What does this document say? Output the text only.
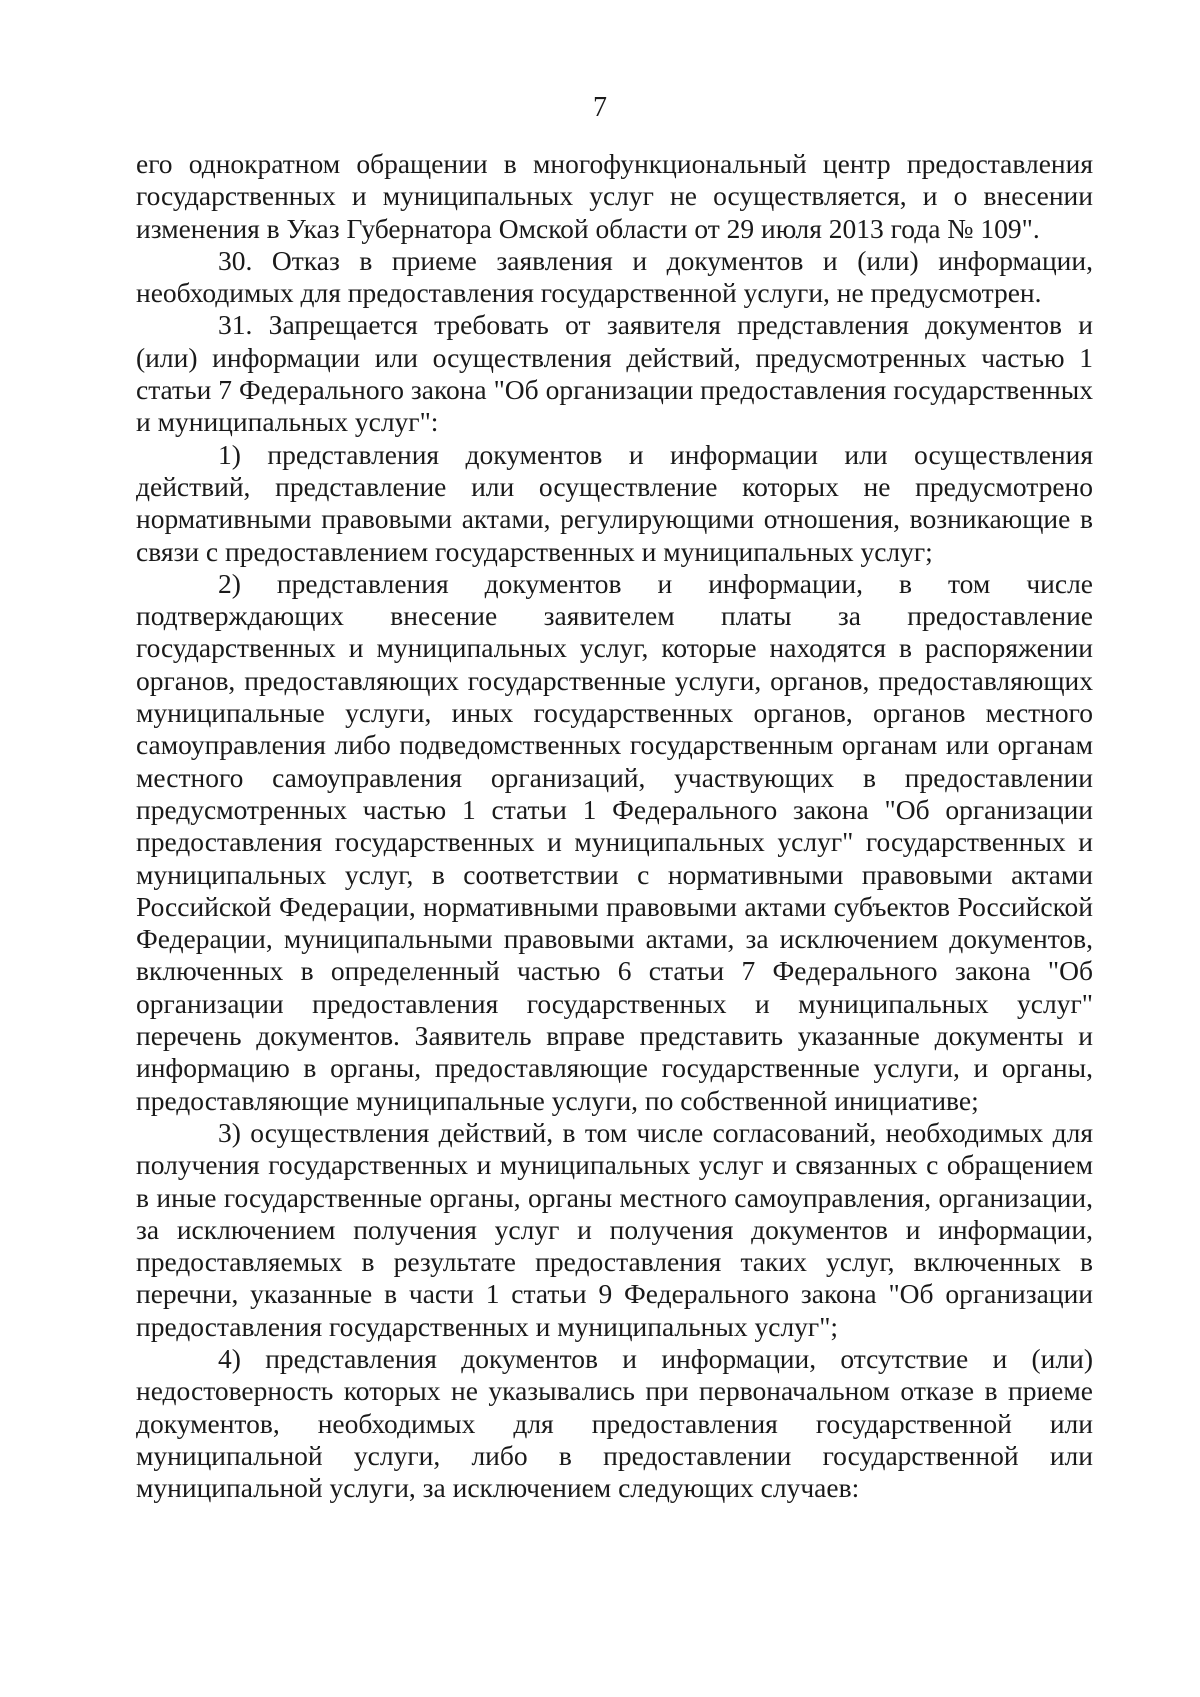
7

его однократном обращении в многофункциональный центр предоставления государственных и муниципальных услуг не осуществляется, и о внесении изменения в Указ Губернатора Омской области от 29 июля 2013 года № 109".

30. Отказ в приеме заявления и документов и (или) информации, необходимых для предоставления государственной услуги, не предусмотрен.

31. Запрещается требовать от заявителя представления документов и (или) информации или осуществления действий, предусмотренных частью 1 статьи 7 Федерального закона "Об организации предоставления государственных и муниципальных услуг":

1) представления документов и информации или осуществления действий, представление или осуществление которых не предусмотрено нормативными правовыми актами, регулирующими отношения, возникающие в связи с предоставлением государственных и муниципальных услуг;

2) представления документов и информации, в том числе подтверждающих внесение заявителем платы за предоставление государственных и муниципальных услуг, которые находятся в распоряжении органов, предоставляющих государственные услуги, органов, предоставляющих муниципальные услуги, иных государственных органов, органов местного самоуправления либо подведомственных государственным органам или органам местного самоуправления организаций, участвующих в предоставлении предусмотренных частью 1 статьи 1 Федерального закона "Об организации предоставления государственных и муниципальных услуг" государственных и муниципальных услуг, в соответствии с нормативными правовыми актами Российской Федерации, нормативными правовыми актами субъектов Российской Федерации, муниципальными правовыми актами, за исключением документов, включенных в определенный частью 6 статьи 7 Федерального закона "Об организации предоставления государственных и муниципальных услуг" перечень документов. Заявитель вправе представить указанные документы и информацию в органы, предоставляющие государственные услуги, и органы, предоставляющие муниципальные услуги, по собственной инициативе;

3) осуществления действий, в том числе согласований, необходимых для получения государственных и муниципальных услуг и связанных с обращением в иные государственные органы, органы местного самоуправления, организации, за исключением получения услуг и получения документов и информации, предоставляемых в результате предоставления таких услуг, включенных в перечни, указанные в части 1 статьи 9 Федерального закона "Об организации предоставления государственных и муниципальных услуг";

4) представления документов и информации, отсутствие и (или) недостоверность которых не указывались при первоначальном отказе в приеме документов, необходимых для предоставления государственной или муниципальной услуги, либо в предоставлении государственной или муниципальной услуги, за исключением следующих случаев:
